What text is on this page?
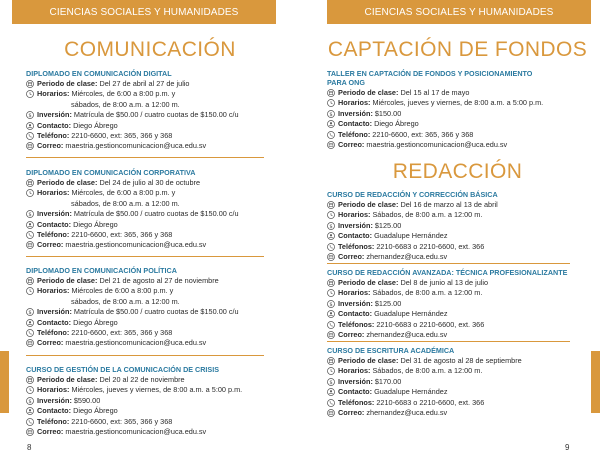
CIENCIAS SOCIALES Y HUMANIDADES
COMUNICACIÓN
DIPLOMADO EN COMUNICACIÓN DIGITAL
Periodo de clase: Del 27 de abril al 27 de julio
Horarios: Miércoles, de 6:00 a 8:00 p.m. y
sábados, de 8:00 a.m. a 12:00 m.
Inversión: Matrícula de $50.00 / cuatro cuotas de $150.00 c/u
Contacto: Diego Ábrego
Teléfono: 2210-6600, ext: 365, 366 y 368
Correo: maestria.gestioncomunicacion@uca.edu.sv
DIPLOMADO EN COMUNICACIÓN CORPORATIVA
Periodo de clase: Del 24 de julio al 30 de octubre
Horarios: Miércoles, de 6:00 a 8:00 p.m. y
sábados, de 8:00 a.m. a 12:00 m.
Inversión: Matrícula de $50.00 / cuatro cuotas de $150.00 c/u
Contacto: Diego Ábrego
Teléfono: 2210-6600, ext: 365, 366 y 368
Correo: maestria.gestioncomunicacion@uca.edu.sv
DIPLOMADO EN COMUNICACIÓN POLÍTICA
Periodo de clase: Del 21 de agosto al 27 de noviembre
Horarios: Miércoles de 6:00 a 8:00 p.m. y
sábados, de 8:00 a.m. a 12:00 m.
Inversión: Matrícula de $50.00 / cuatro cuotas de $150.00 c/u
Contacto: Diego Ábrego
Teléfono: 2210-6600, ext: 365, 366 y 368
Correo: maestria.gestioncomunicacion@uca.edu.sv
CURSO DE GESTIÓN DE LA COMUNICACIÓN DE CRISIS
Periodo de clase: Del 20 al 22 de noviembre
Horarios: Miércoles, jueves y viernes, de 8:00 a.m. a 5:00 p.m.
Inversión: $590.00
Contacto: Diego Ábrego
Teléfono: 2210-6600, ext: 365, 366 y 368
Correo: maestria.gestioncomunicacion@uca.edu.sv
8
CIENCIAS SOCIALES Y HUMANIDADES
CAPTACIÓN DE FONDOS
TALLER EN CAPTACIÓN DE FONDOS Y POSICIONAMIENTO
PARA ONG
Periodo de clase: Del 15 al 17 de mayo
Horarios: Miércoles, jueves y viernes, de 8:00 a.m. a 5:00 p.m.
Inversión: $150.00
Contacto: Diego Ábrego
Teléfono: 2210-6600, ext: 365, 366 y 368
Correo: maestria.gestioncomunicacion@uca.edu.sv
REDACCIÓN
CURSO DE REDACCIÓN Y CORRECCIÓN BÁSICA
Periodo de clase: Del 16 de marzo al 13 de abril
Horarios: Sábados, de 8:00 a.m. a 12:00 m.
Inversión: $125.00
Contacto: Guadalupe Hernández
Teléfonos: 2210-6683 o 2210-6600, ext. 366
Correo: zhernandez@uca.edu.sv
CURSO DE REDACCIÓN AVANZADA: TÉCNICA PROFESIONALIZANTE
Periodo de clase: Del 8 de junio al 13 de julio
Horarios: Sábados, de 8:00 a.m. a 12:00 m.
Inversión: $125.00
Contacto: Guadalupe Hernández
Teléfonos: 2210-6683 o 2210-6600, ext. 366
Correo: zhernandez@uca.edu.sv
CURSO DE ESCRITURA ACADÉMICA
Periodo de clase: Del 31 de agosto al 28 de septiembre
Horarios: Sábados, de 8:00 a.m. a 12:00 m.
Inversión: $170.00
Contacto: Guadalupe Hernández
Teléfonos: 2210-6683 o 2210-6600, ext. 366
Correo: zhernandez@uca.edu.sv
9
